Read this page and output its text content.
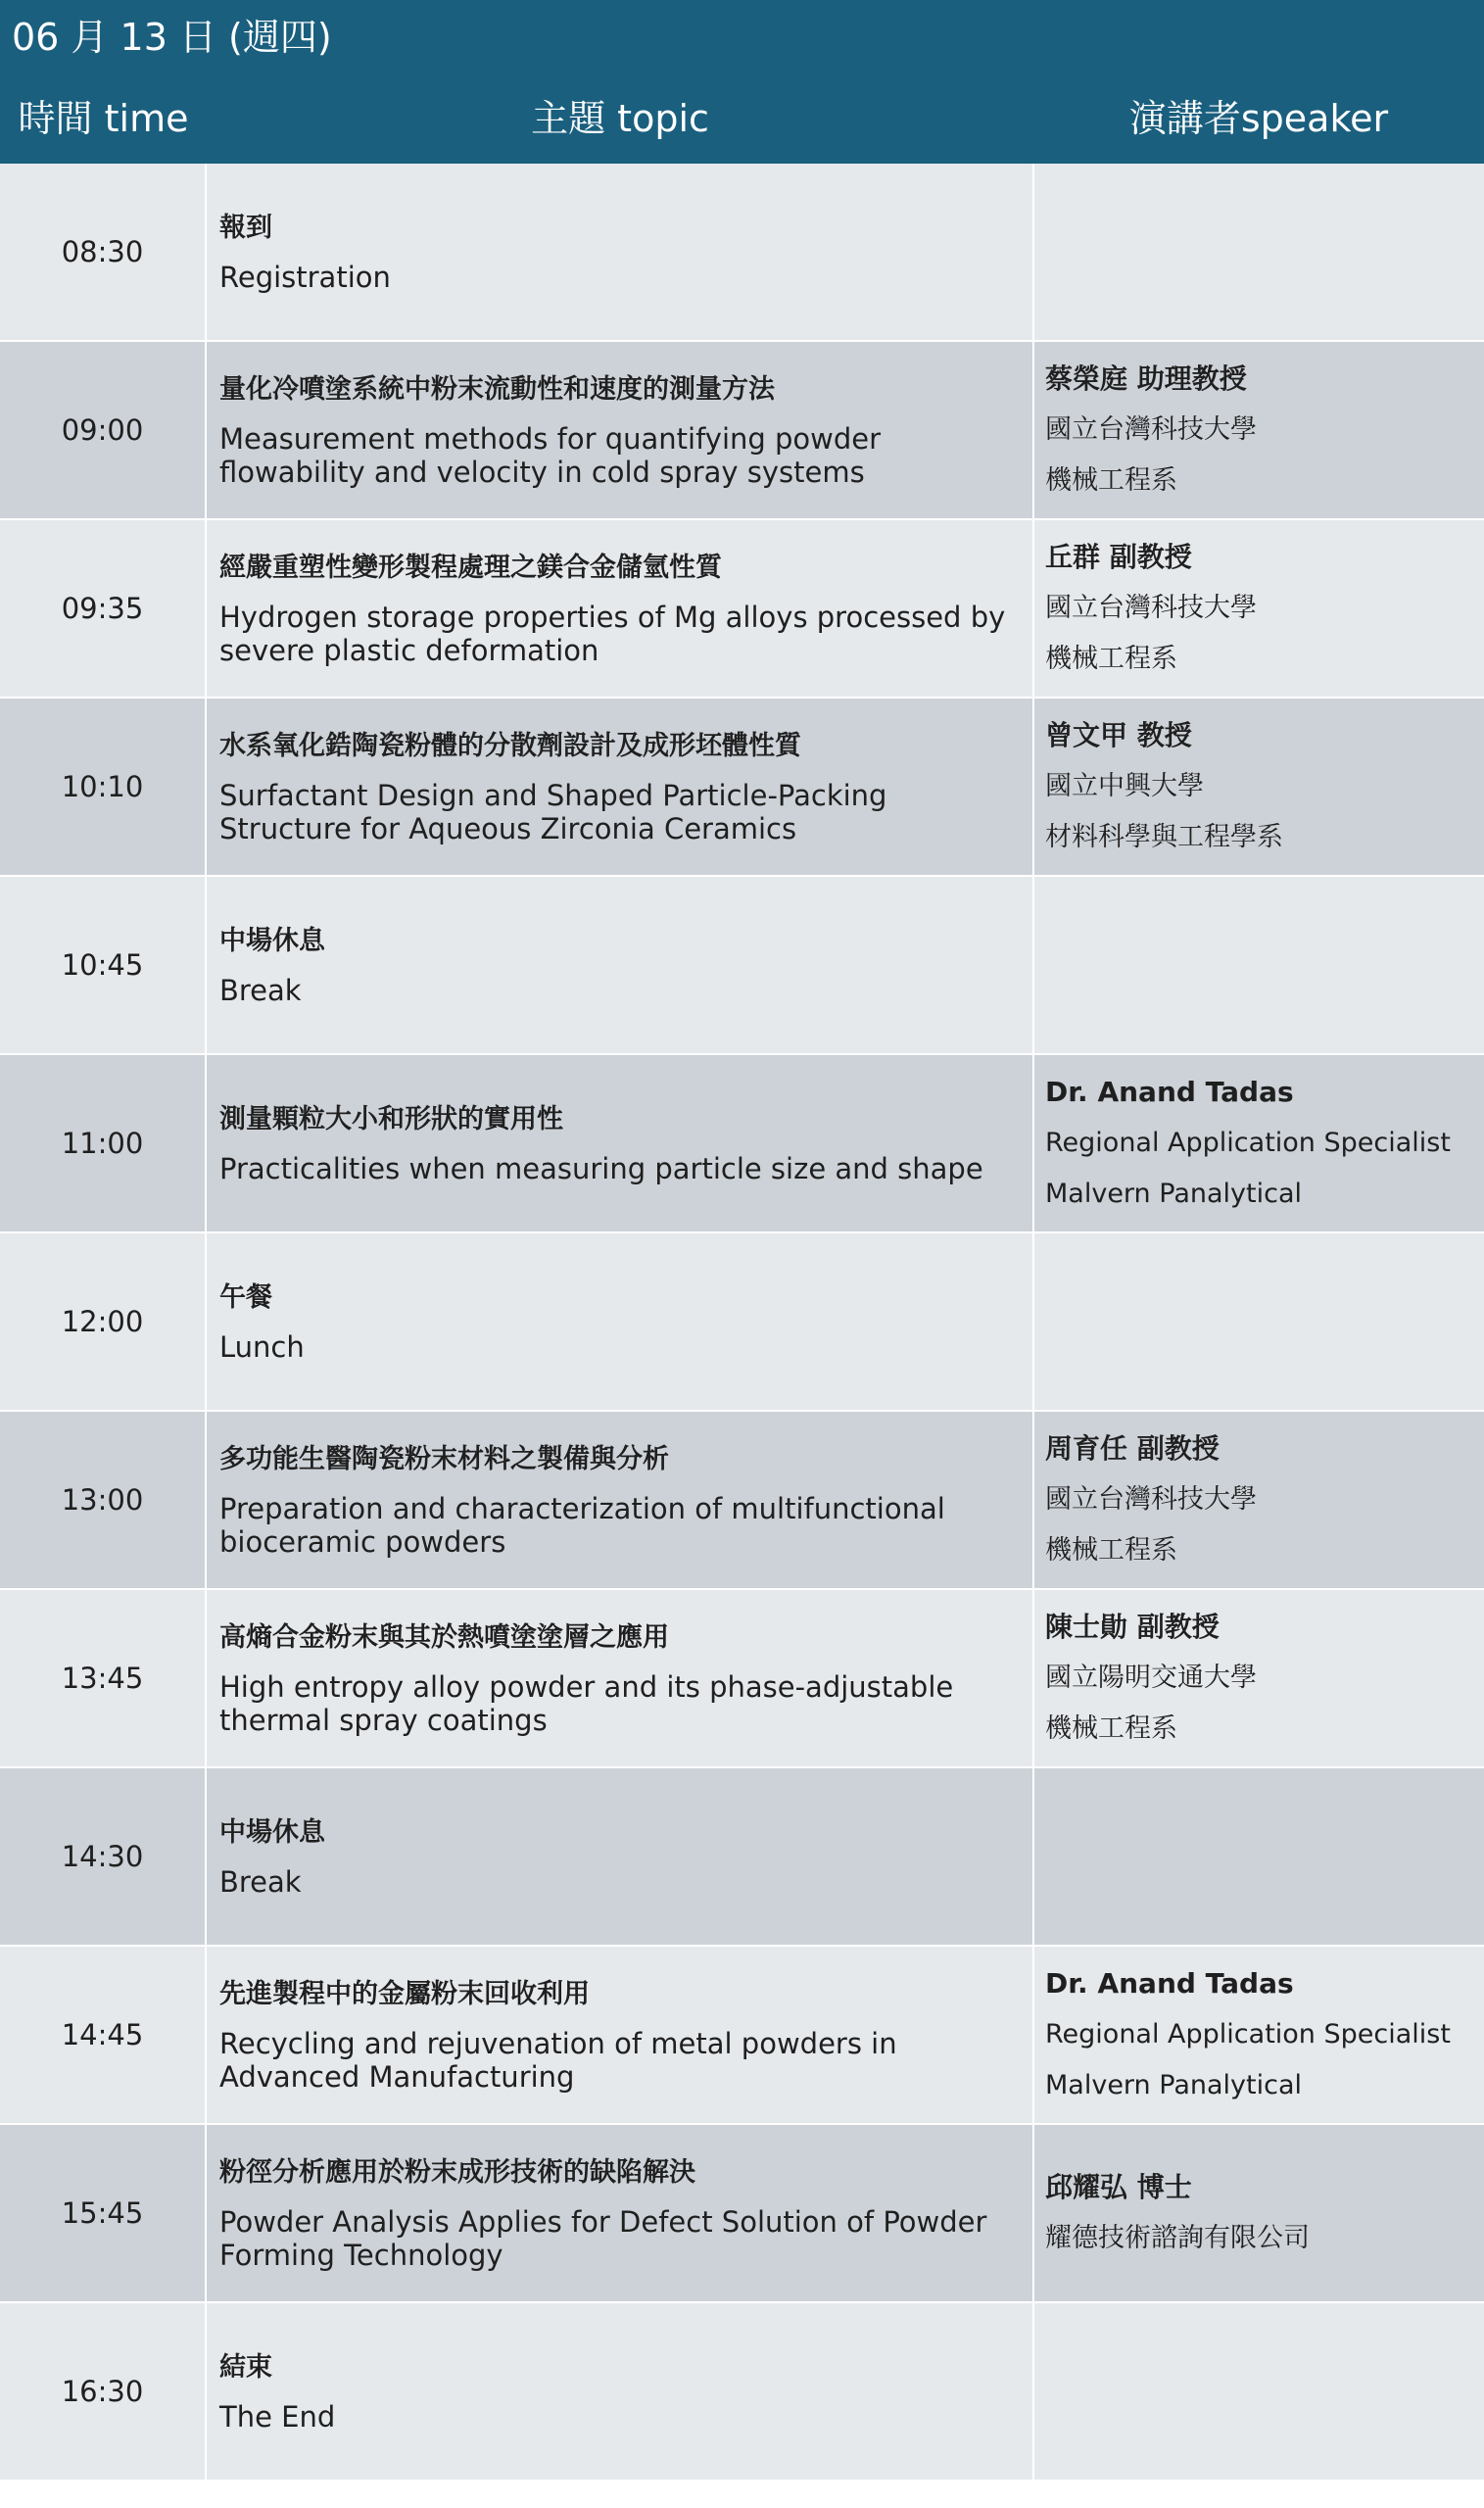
06 月 13 日 (週四)
時間 time	主題 topic	演講者speaker
08:30
報到
Registration
09:00
量化冷噴塗系統中粉末流動性和速度的測量方法
Measurement methods for quantifying powder flowability and velocity in cold spray systems
蔡榮庭 助理教授
國立台灣科技大學
機械工程系
09:35
經嚴重塑性變形製程處理之鎂合金儲氫性質
Hydrogen storage properties of Mg alloys processed by severe plastic deformation
丘群 副教授
國立台灣科技大學
機械工程系
10:10
水系氧化鋯陶瓷粉體的分散劑設計及成形坯體性質
Surfactant Design and Shaped Particle-Packing Structure for Aqueous Zirconia Ceramics
曾文甲 教授
國立中興大學
材料科學與工程學系
10:45
中場休息
Break
11:00
測量顆粒大小和形狀的實用性
Practicalities when measuring particle size and shape
Dr. Anand Tadas
Regional Application Specialist
Malvern Panalytical
12:00
午餐
Lunch
13:00
多功能生醫陶瓷粉末材料之製備與分析
Preparation and characterization of multifunctional bioceramic powders
周育任 副教授
國立台灣科技大學
機械工程系
13:45
高熵合金粉末與其於熱噴塗塗層之應用
High entropy alloy powder and its phase-adjustable thermal spray coatings
陳士勛 副教授
國立陽明交通大學
機械工程系
14:30
中場休息
Break
14:45
先進製程中的金屬粉末回收利用
Recycling and rejuvenation of metal powders in Advanced Manufacturing
Dr. Anand Tadas
Regional Application Specialist
Malvern Panalytical
15:45
粉徑分析應用於粉末成形技術的缺陷解決
Powder Analysis Applies for Defect Solution of Powder Forming Technology
邱耀弘 博士
耀德技術諮詢有限公司
16:30
結束
The End
